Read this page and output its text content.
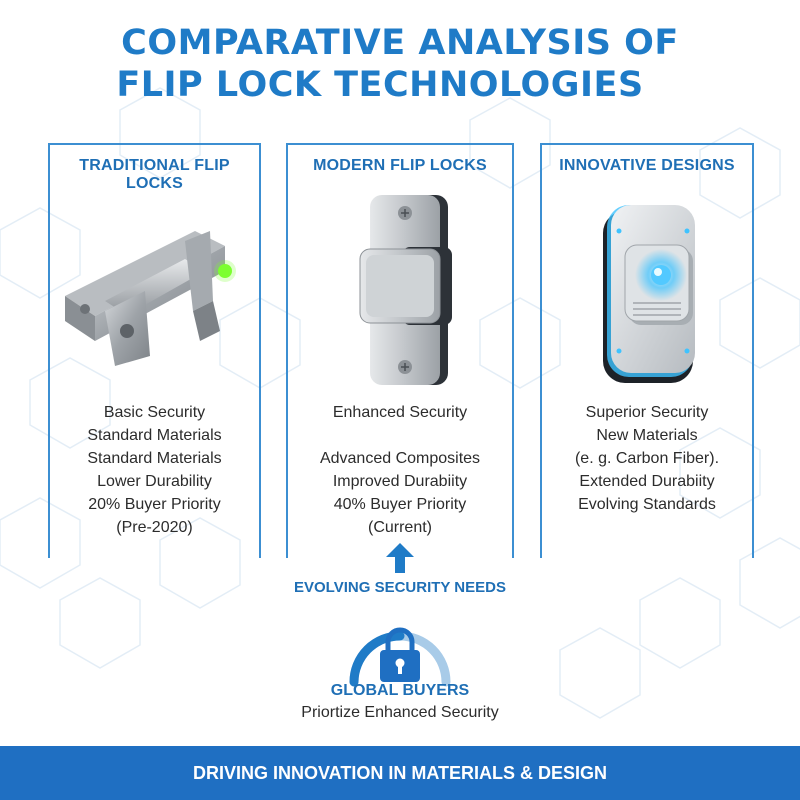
COMPARATIVE ANALYSIS OF
FLIP LOCK TECHNOLOGIES
TRADITIONAL FLIP LOCKS
Basic Security
Standard Materials
Standard Materials
Lower Durability
20% Buyer Priority
(Pre-2020)
MODERN FLIP LOCKS
Enhanced Security
Advanced Composites
Improved Durabiity
40% Buyer Priority
(Current)
INNOVATIVE DESIGNS
Superior Security
New Materials
(e. g. Carbon Fiber).
Extended Durabiity
Evolving Standards
EVOLVING SECURITY NEEDS
GLOBAL BUYERS
Priortize Enhanced Security
DRIVING INNOVATION IN MATERIALS & DESIGN
